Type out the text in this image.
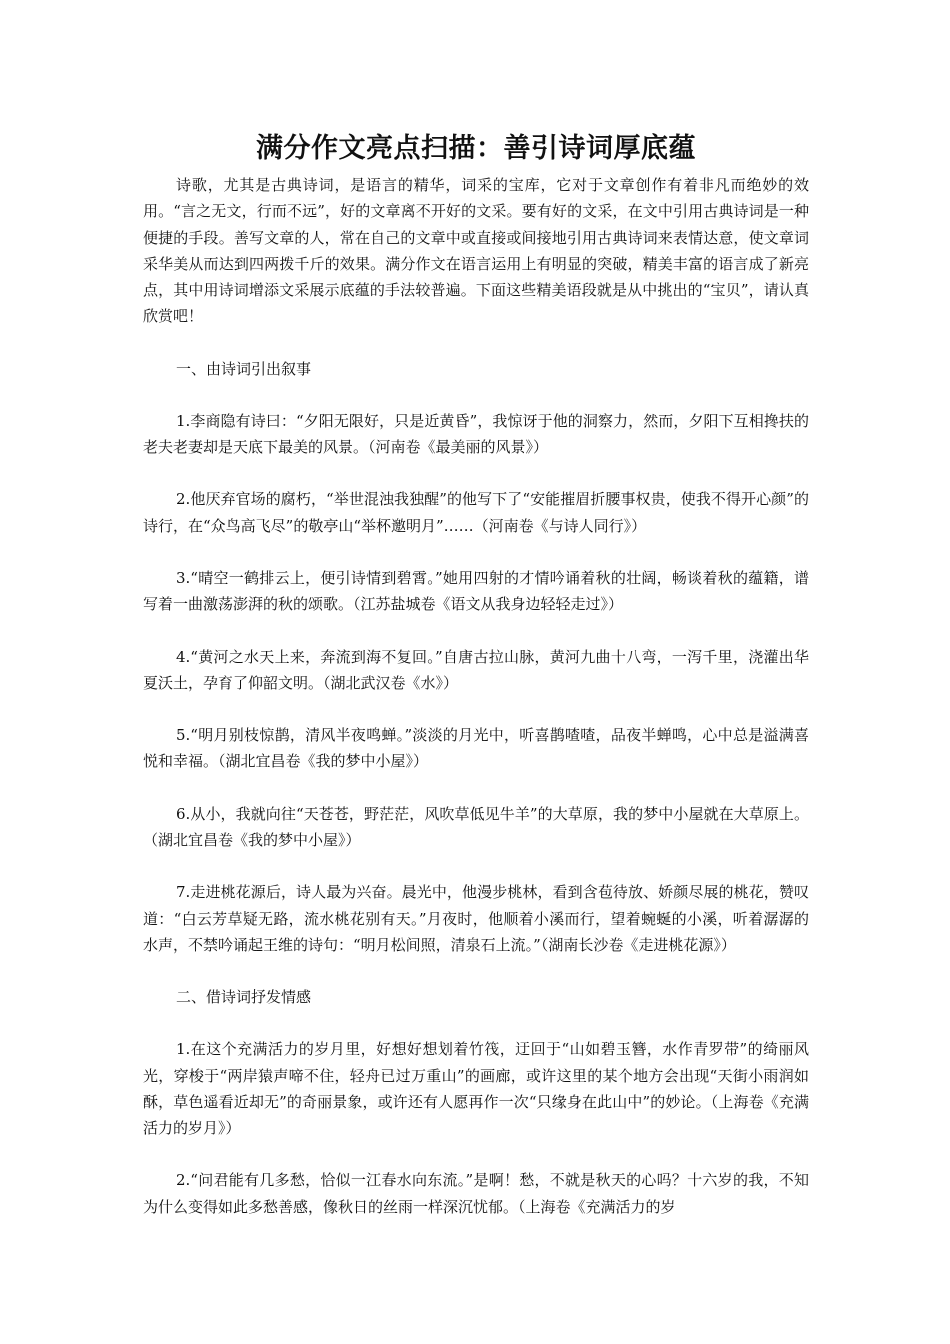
满分作文亮点扫描：善引诗词厚底蕴

诗歌，尤其是古典诗词，是语言的精华，词采的宝库，它对于文章创作有着非凡而绝妙的效用。“言之无文，行而不远”，好的文章离不开好的文采。要有好的文采，在文中引用古典诗词是一种便捷的手段。善写文章的人，常在自己的文章中或直接或间接地引用古典诗词来表情达意，使文章词采华美从而达到四两拨千斤的效果。满分作文在语言运用上有明显的突破，精美丰富的语言成了新亮点，其中用诗词增添文采展示底蕴的手法较普遍。下面这些精美语段就是从中挑出的“宝贝”，请认真欣赏吧！

一、由诗词引出叙事

1.李商隐有诗曰：“夕阳无限好，只是近黄昏”，我惊讶于他的洞察力，然而，夕阳下互相搀扶的老夫老妻却是天底下最美的风景。（河南卷《最美丽的风景》）

2.他厌弃官场的腐朽，“举世混浊我独醒”的他写下了“安能摧眉折腰事权贵，使我不得开心颜”的诗行，在“众鸟高飞尽”的敬亭山“举杯邀明月”……（河南卷《与诗人同行》）

3.“晴空一鹤排云上，便引诗情到碧霄。”她用四射的才情吟诵着秋的壮阔，畅谈着秋的蕴籍，谱写着一曲激荡澎湃的秋的颂歌。（江苏盐城卷《语文从我身边轻轻走过》）

4.“黄河之水天上来，奔流到海不复回。”自唐古拉山脉，黄河九曲十八弯，一泻千里，浇灌出华夏沃土，孕育了仰韶文明。（湖北武汉卷《水》）

5.“明月别枝惊鹊，清风半夜鸣蝉。”淡淡的月光中，听喜鹊喳喳，品夜半蝉鸣，心中总是溢满喜悦和幸福。（湖北宜昌卷《我的梦中小屋》）

6.从小，我就向往“天苍苍，野茫茫，风吹草低见牛羊”的大草原，我的梦中小屋就在大草原上。（湖北宜昌卷《我的梦中小屋》）

7.走进桃花源后，诗人最为兴奋。晨光中，他漫步桃林，看到含苞待放、娇颜尽展的桃花，赞叹道：“白云芳草疑无路，流水桃花别有天。”月夜时，他顺着小溪而行，望着蜿蜒的小溪，听着潺潺的水声，不禁吟诵起王维的诗句：“明月松间照，清泉石上流。”（湖南长沙卷《走进桃花源》）

二、借诗词抒发情感

1.在这个充满活力的岁月里，好想好想划着竹筏，迂回于“山如碧玉簪，水作青罗带”的绮丽风光，穿梭于“两岸猿声啼不住，轻舟已过万重山”的画廊，或许这里的某个地方会出现“天街小雨润如酥，草色遥看近却无”的奇丽景象，或许还有人愿再作一次“只缘身在此山中”的妙论。（上海卷《充满活力的岁月》）

2.“问君能有几多愁，恰似一江春水向东流。”是啊！愁，不就是秋天的心吗？十六岁的我，不知为什么变得如此多愁善感，像秋日的丝雨一样深沉忧郁。（上海卷《充满活力的岁
